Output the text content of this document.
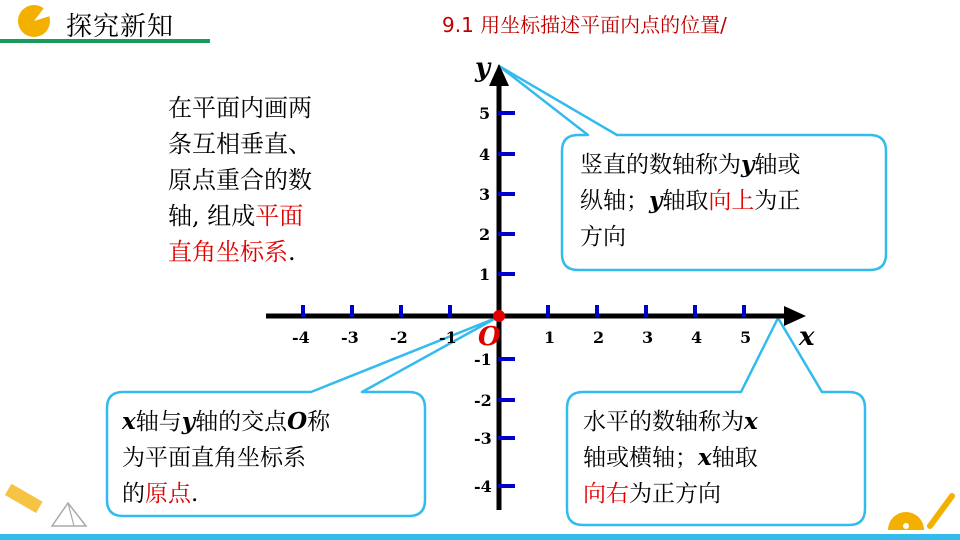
探究新知	9.1 用坐标描述平面内点的位置/
在平面内画两
条互相垂直、
原点重合的数
轴, 组成平面
直角坐标系.
-4 -3 -2 -1	1 2 3 4 5
5
4
3
2
1
-1
-2
-3
-4
x
y
O
竖直的数轴称为y轴或
纵轴；y轴取向上为正
方向
水平的数轴称为x
轴或横轴；x轴取
向右为正方向
x轴与y轴的交点O称
为平面直角坐标系
的原点.
